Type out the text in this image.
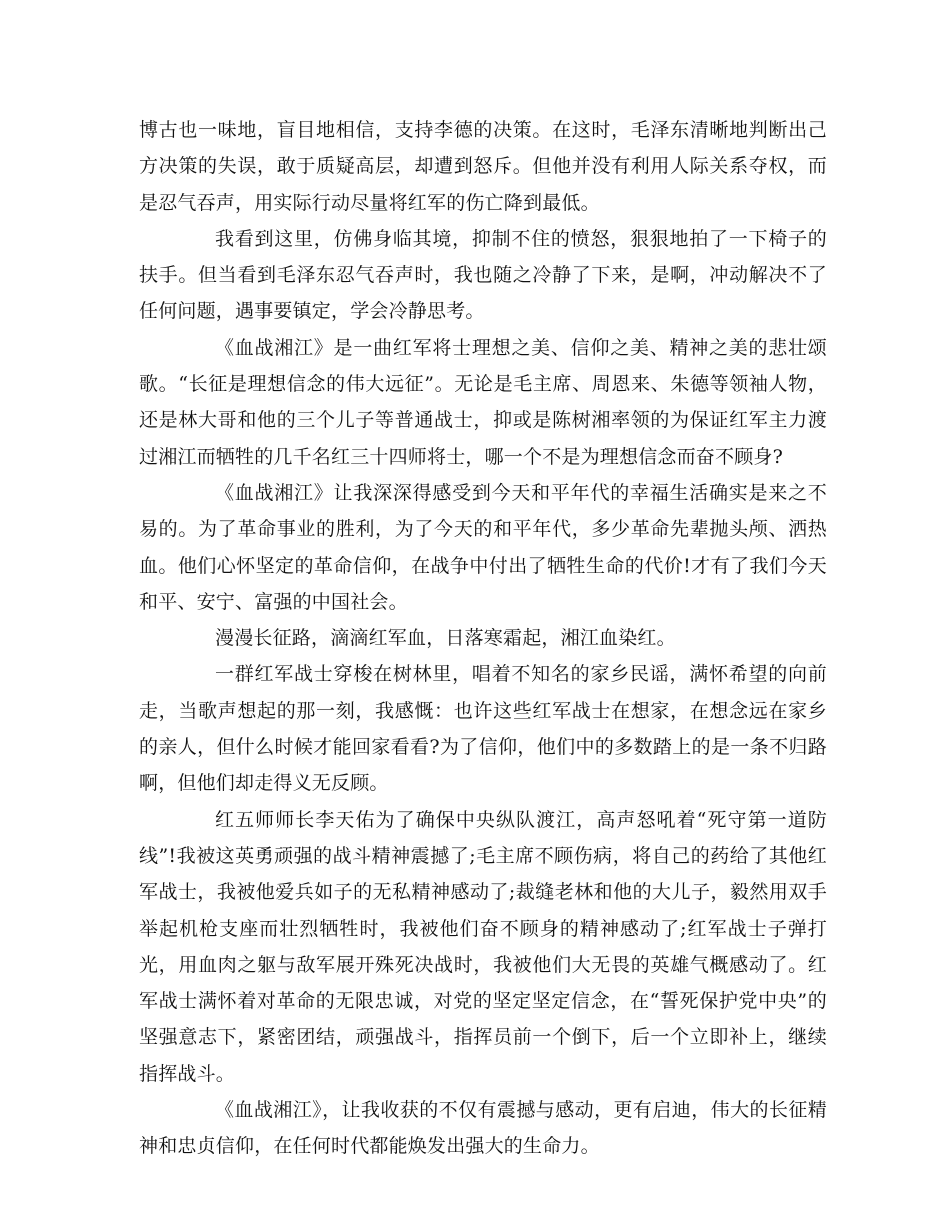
博古也一味地，盲目地相信，支持李德的决策。在这时，毛泽东清晰地判断出己方决策的失误，敢于质疑高层，却遭到怒斥。但他并没有利用人际关系夺权，而是忍气吞声，用实际行动尽量将红军的伤亡降到最低。

我看到这里，仿佛身临其境，抑制不住的愤怒，狠狠地拍了一下椅子的扶手。但当看到毛泽东忍气吞声时，我也随之冷静了下来，是啊，冲动解决不了任何问题，遇事要镇定，学会冷静思考。

《血战湘江》是一曲红军将士理想之美、信仰之美、精神之美的悲壮颂歌。“长征是理想信念的伟大远征”。无论是毛主席、周恩来、朱德等领袖人物，还是林大哥和他的三个儿子等普通战士，抑或是陈树湘率领的为保证红军主力渡过湘江而牺牲的几千名红三十四师将士，哪一个不是为理想信念而奋不顾身?

《血战湘江》让我深深得感受到今天和平年代的幸福生活确实是来之不易的。为了革命事业的胜利，为了今天的和平年代，多少革命先辈抛头颅、洒热血。他们心怀坚定的革命信仰，在战争中付出了牺牲生命的代价!才有了我们今天和平、安宁、富强的中国社会。

漫漫长征路，滴滴红军血，日落寒霜起，湘江血染红。

一群红军战士穿梭在树林里，唱着不知名的家乡民谣，满怀希望的向前走，当歌声想起的那一刻，我感慨：也许这些红军战士在想家，在想念远在家乡的亲人，但什么时候才能回家看看?为了信仰，他们中的多数踏上的是一条不归路啊，但他们却走得义无反顾。

红五师师长李天佑为了确保中央纵队渡江，高声怒吼着“死守第一道防线”!我被这英勇顽强的战斗精神震撼了;毛主席不顾伤病，将自己的药给了其他红军战士，我被他爱兵如子的无私精神感动了;裁缝老林和他的大儿子，毅然用双手举起机枪支座而壮烈牺牲时，我被他们奋不顾身的精神感动了;红军战士子弹打光，用血肉之躯与敌军展开殊死决战时，我被他们大无畏的英雄气概感动了。红军战士满怀着对革命的无限忠诚，对党的坚定坚定信念，在“誓死保护党中央”的坚强意志下，紧密团结，顽强战斗，指挥员前一个倒下，后一个立即补上，继续指挥战斗。

《血战湘江》，让我收获的不仅有震撼与感动，更有启迪，伟大的长征精神和忠贞信仰，在任何时代都能焕发出强大的生命力。
